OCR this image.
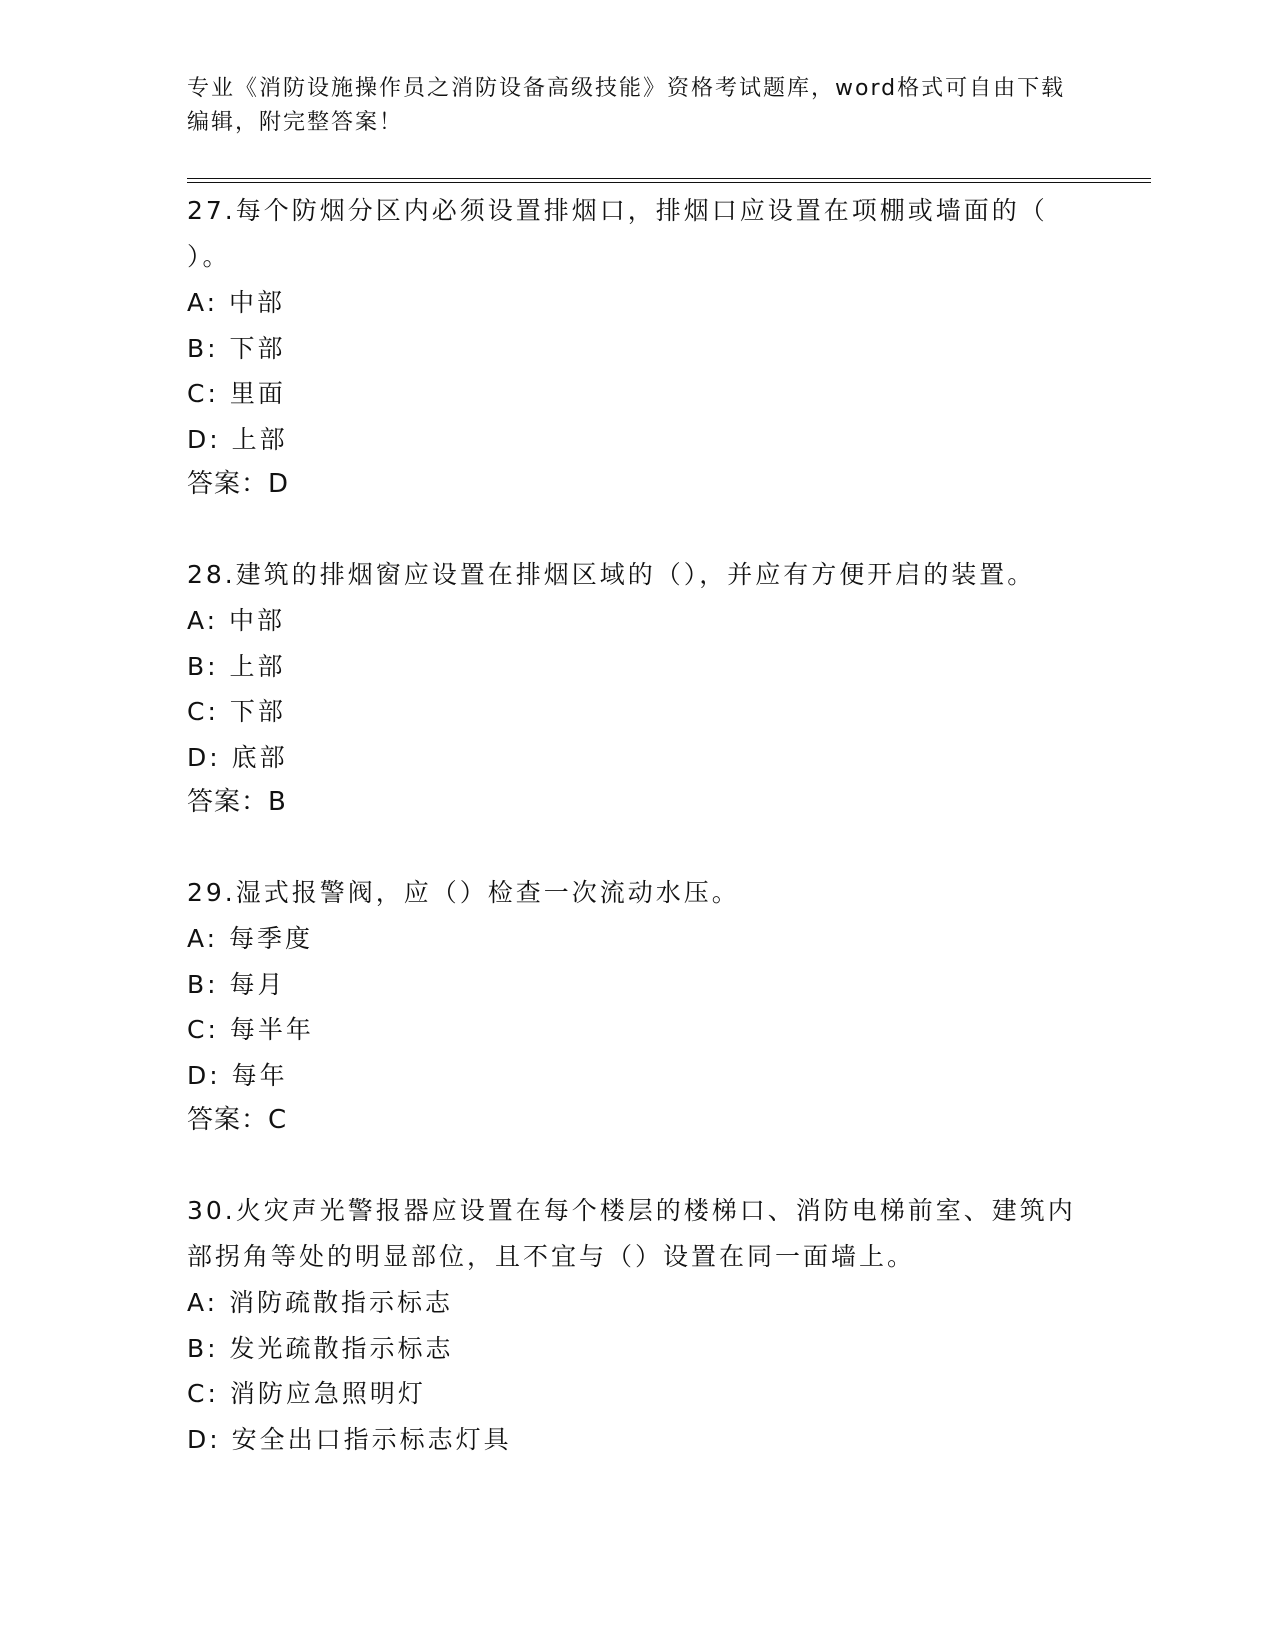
专业《消防设施操作员之消防设备高级技能》资格考试题库，word格式可自由下载编辑，附完整答案！
27.每个防烟分区内必须设置排烟口，排烟口应设置在项棚或墙面的（ ）。
A: 中部
B: 下部
C: 里面
D: 上部
答案：D
28.建筑的排烟窗应设置在排烟区域的（），并应有方便开启的装置。
A: 中部
B: 上部
C: 下部
D: 底部
答案：B
29.湿式报警阀，应（）检查一次流动水压。
A: 每季度
B: 每月
C: 每半年
D: 每年
答案：C
30.火灾声光警报器应设置在每个楼层的楼梯口、消防电梯前室、建筑内部拐角等处的明显部位，且不宜与（）设置在同一面墙上。
A: 消防疏散指示标志
B: 发光疏散指示标志
C: 消防应急照明灯
D: 安全出口指示标志灯具
